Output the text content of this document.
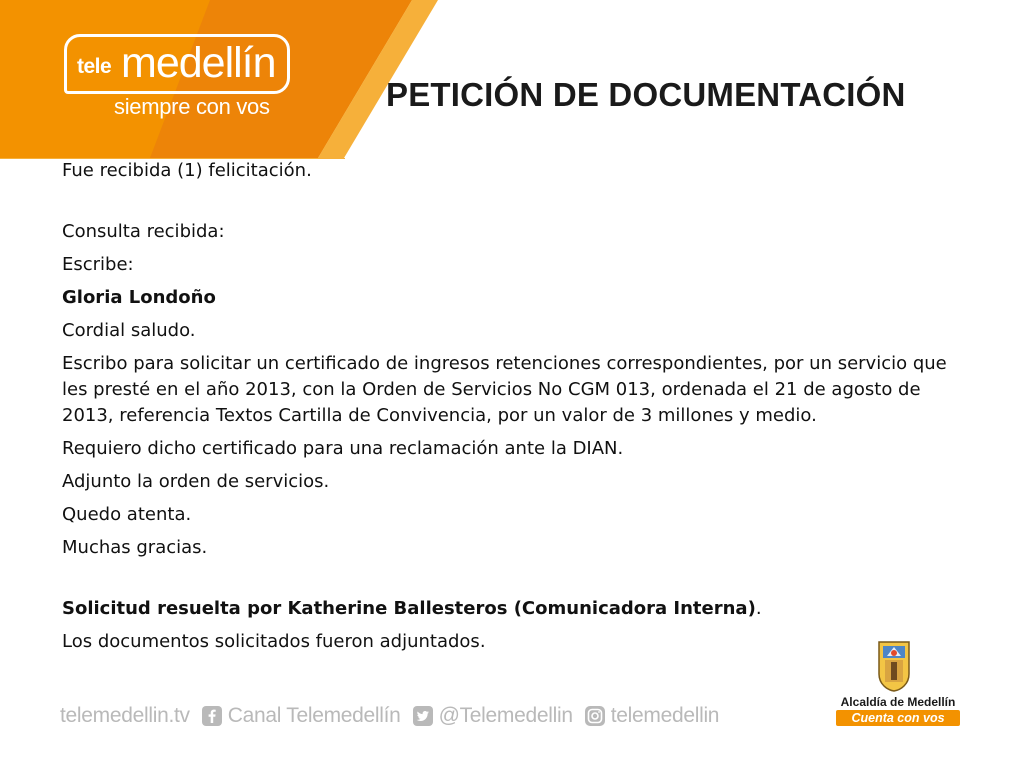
tele medellín
siempre con vos	PETICIÓN DE DOCUMENTACIÓN

Fue recibida (1) felicitación.

Consulta recibida:

Escribe:

Gloria Londoño

Cordial saludo.

Escribo para solicitar un certificado de ingresos retenciones correspondientes, por un servicio que les presté en el año 2013, con la Orden de Servicios No CGM 013, ordenada el 21 de agosto de 2013, referencia Textos Cartilla de Convivencia, por un valor de 3 millones y medio.

Requiero dicho certificado para una reclamación ante la DIAN.

Adjunto la orden de servicios.

Quedo atenta.

Muchas gracias.

Solicitud resuelta por Katherine Ballesteros (Comunicadora Interna).

Los documentos solicitados fueron adjuntados.

telemedellin.tv Canal Telemedellín @Telemedellin telemedellin
Alcaldía de Medellín
Cuenta con vos
